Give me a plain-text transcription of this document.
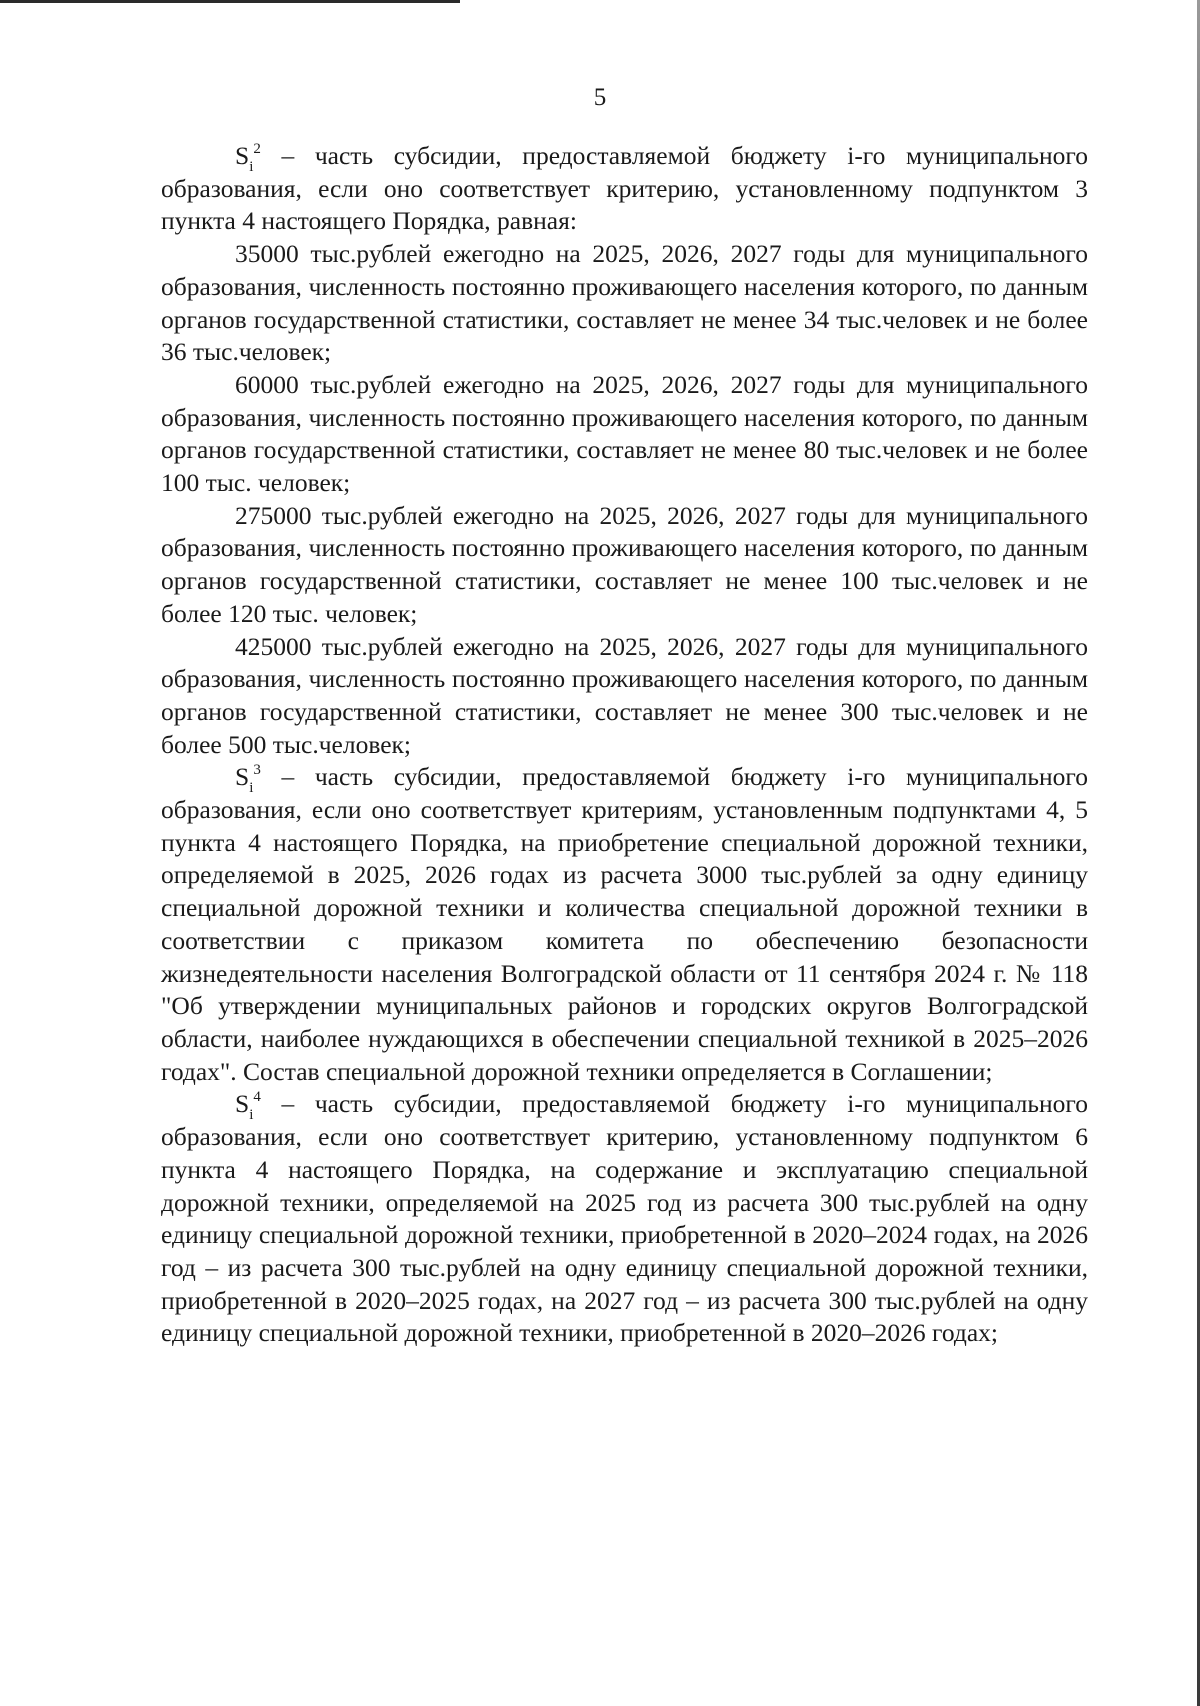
5

$S_i^2$ – часть субсидии, предоставляемой бюджету i-го муниципального образования, если оно соответствует критерию, установленному подпунктом 3 пункта 4 настоящего Порядка, равная:

35000 тыс.рублей ежегодно на 2025, 2026, 2027 годы для муниципального образования, численность постоянно проживающего населения которого, по данным органов государственной статистики, составляет не менее 34 тыс.человек и не более 36 тыс.человек;

60000 тыс.рублей ежегодно на 2025, 2026, 2027 годы для муниципального образования, численность постоянно проживающего населения которого, по данным органов государственной статистики, составляет не менее 80 тыс.человек и не более 100 тыс. человек;

275000 тыс.рублей ежегодно на 2025, 2026, 2027 годы для муниципального образования, численность постоянно проживающего населения которого, по данным органов государственной статистики, составляет не менее 100 тыс.человек и не более 120 тыс. человек;

425000 тыс.рублей ежегодно на 2025, 2026, 2027 годы для муниципального образования, численность постоянно проживающего населения которого, по данным органов государственной статистики, составляет не менее 300 тыс.человек и не более 500 тыс.человек;

$S_i^3$ – часть субсидии, предоставляемой бюджету i-го муниципального образования, если оно соответствует критериям, установленным подпунктами 4, 5 пункта 4 настоящего Порядка, на приобретение специальной дорожной техники, определяемой в 2025, 2026 годах из расчета 3000 тыс.рублей за одну единицу специальной дорожной техники и количества специальной дорожной техники в соответствии с приказом комитета по обеспечению безопасности жизнедеятельности населения Волгоградской области от 11 сентября 2024 г. № 118 "Об утверждении муниципальных районов и городских округов Волгоградской области, наиболее нуждающихся в обеспечении специальной техникой в 2025–2026 годах". Состав специальной дорожной техники определяется в Соглашении;

$S_i^4$ – часть субсидии, предоставляемой бюджету i-го муниципального образования, если оно соответствует критерию, установленному подпунктом 6 пункта 4 настоящего Порядка, на содержание и эксплуатацию специальной дорожной техники, определяемой на 2025 год из расчета 300 тыс.рублей на одну единицу специальной дорожной техники, приобретенной в 2020–2024 годах, на 2026 год – из расчета 300 тыс.рублей на одну единицу специальной дорожной техники, приобретенной в 2020–2025 годах, на 2027 год – из расчета 300 тыс.рублей на одну единицу специальной дорожной техники, приобретенной в 2020–2026 годах;
